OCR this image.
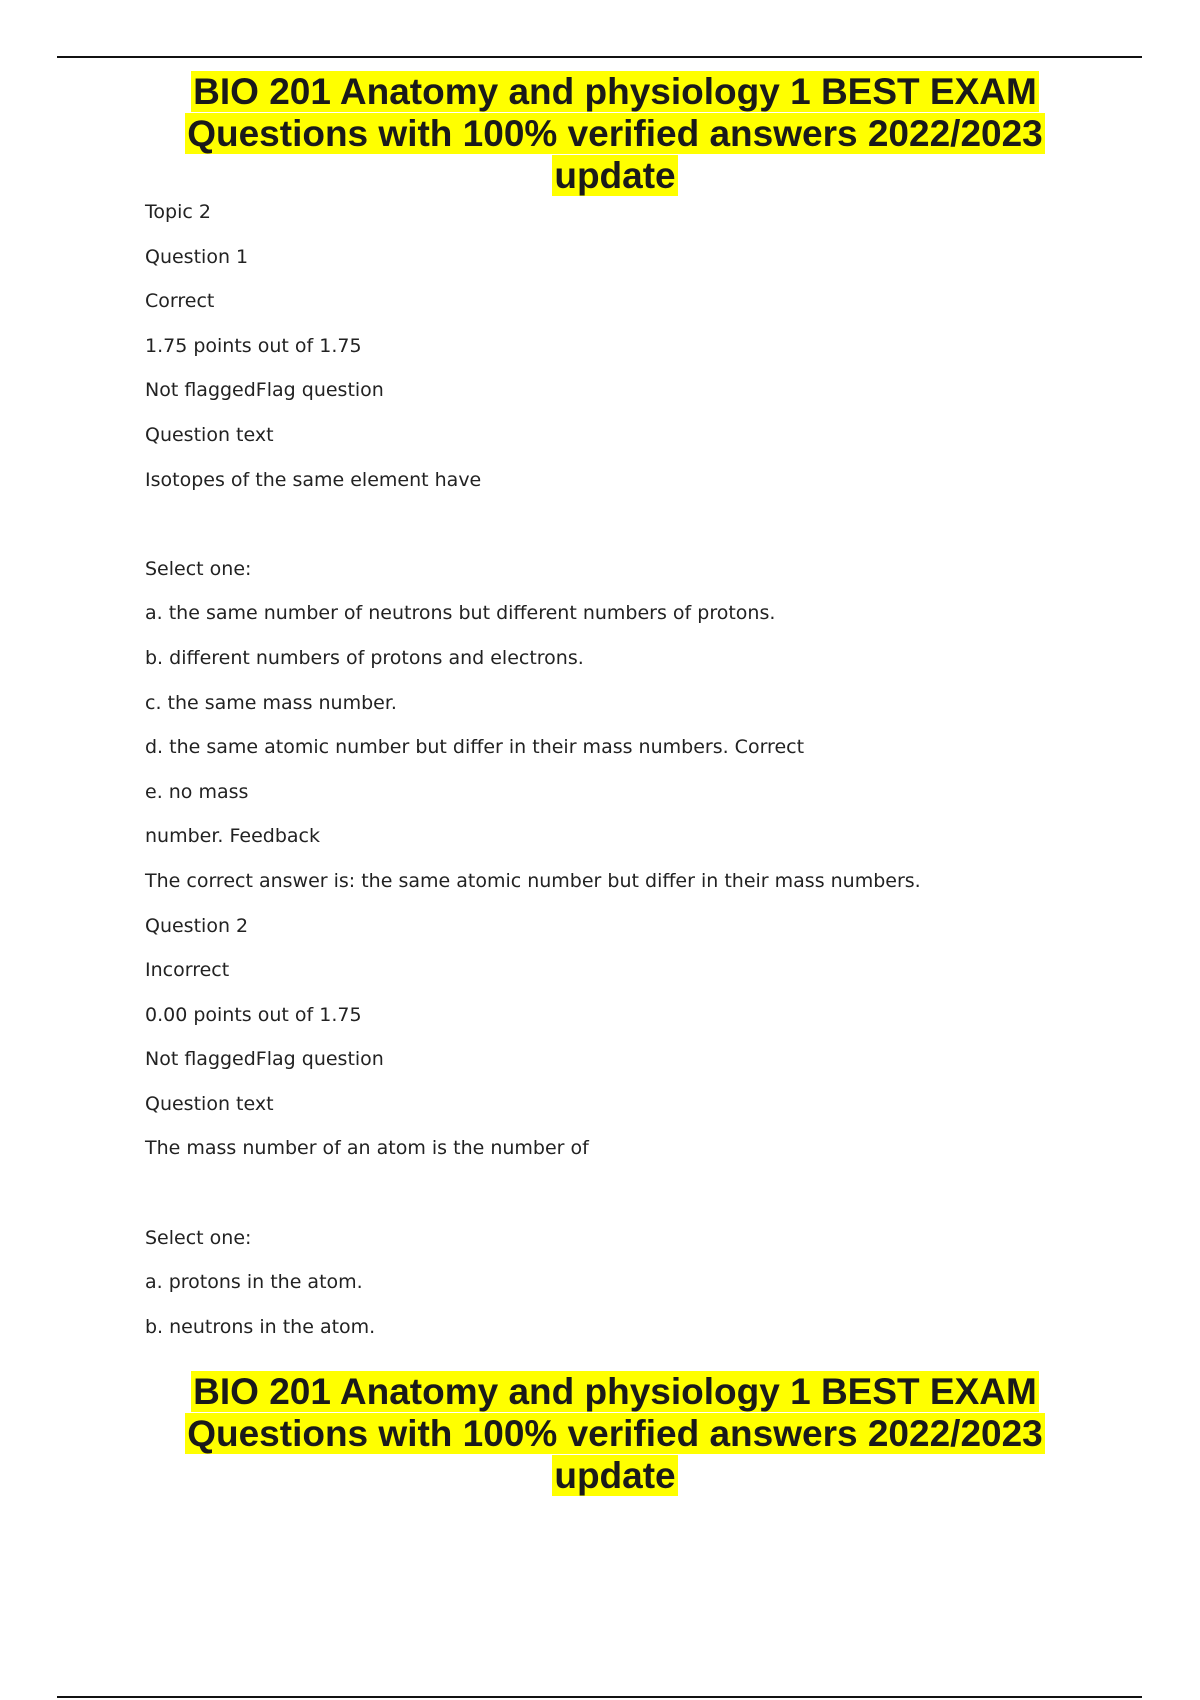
BIO 201 Anatomy and physiology 1 BEST EXAM
Questions with 100% verified answers 2022/2023
update
Topic 2
Question 1
Correct
1.75 points out of 1.75
Not flaggedFlag question
Question text
Isotopes of the same element have
Select one:
a. the same number of neutrons but different numbers of protons.
b. different numbers of protons and electrons.
c. the same mass number.
d. the same atomic number but differ in their mass numbers. Correct
e. no mass
number. Feedback
The correct answer is: the same atomic number but differ in their mass numbers.
Question 2
Incorrect
0.00 points out of 1.75
Not flaggedFlag question
Question text
The mass number of an atom is the number of
Select one:
a. protons in the atom.
b. neutrons in the atom.
BIO 201 Anatomy and physiology 1 BEST EXAM
Questions with 100% verified answers 2022/2023
update
